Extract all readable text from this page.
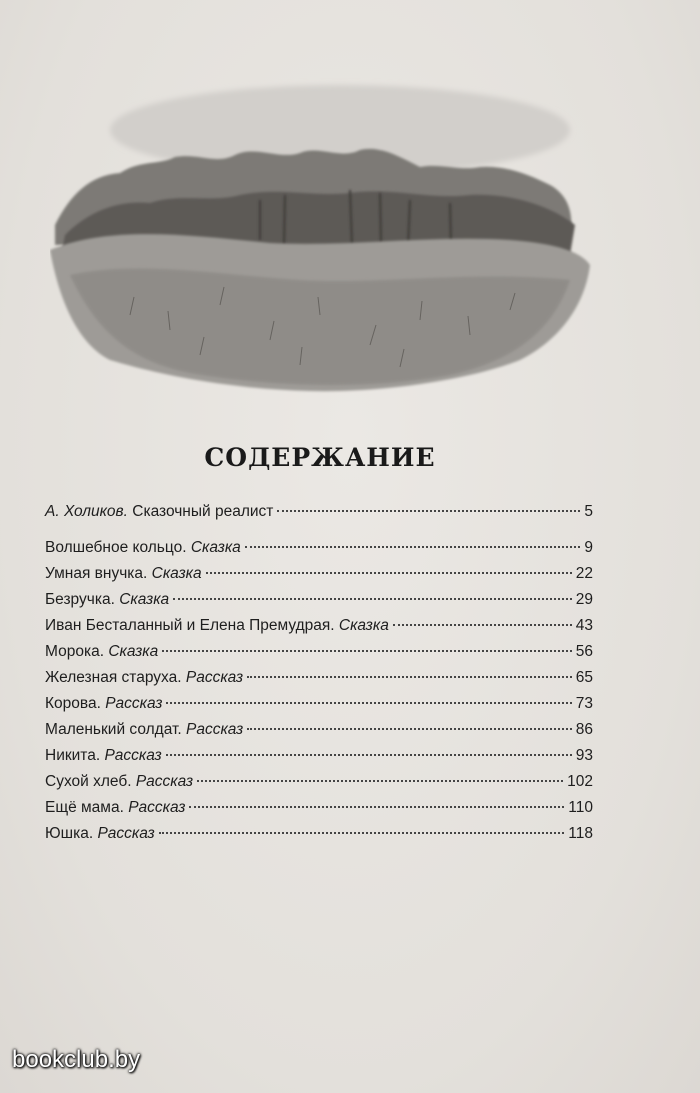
СОДЕРЖАНИЕ
А. Холиков. Сказочный реалист	5
Волшебное кольцо. Сказка	9
Умная внучка. Сказка	22
Безручка. Сказка	29
Иван Бесталанный и Елена Премудрая. Сказка	43
Морока. Сказка	56
Железная старуха. Рассказ	65
Корова. Рассказ	73
Маленький солдат. Рассказ	86
Никита. Рассказ	93
Сухой хлеб. Рассказ	102
Ещё мама. Рассказ	110
Юшка. Рассказ	118
bookclub.by
